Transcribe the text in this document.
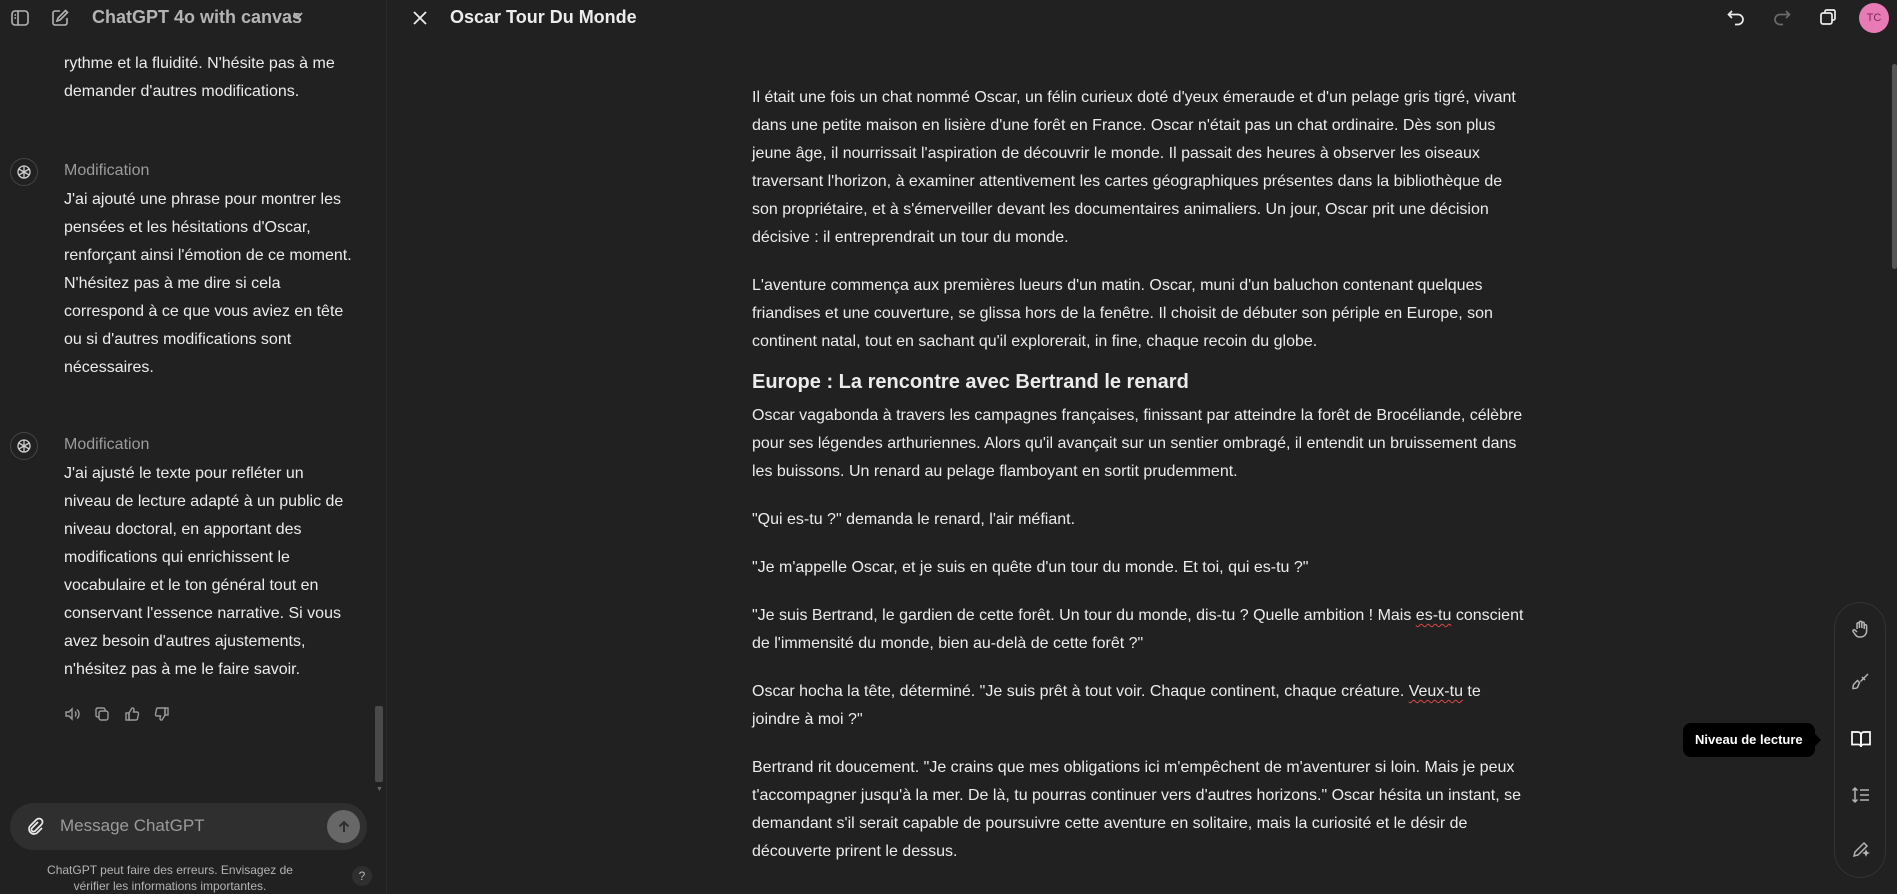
ChatGPT 4o with canvas
rythme et la fluidité. N'hésite pas à me demander d'autres modifications.
Modification
J'ai ajouté une phrase pour montrer les pensées et les hésitations d'Oscar, renforçant ainsi l'émotion de ce moment. N'hésitez pas à me dire si cela correspond à ce que vous aviez en tête ou si d'autres modifications sont nécessaires.
Modification
J'ai ajusté le texte pour refléter un niveau de lecture adapté à un public de niveau doctoral, en apportant des modifications qui enrichissent le vocabulaire et le ton général tout en conservant l'essence narrative. Si vous avez besoin d'autres ajustements, n'hésitez pas à me le faire savoir.
▼
Message ChatGPT
ChatGPT peut faire des erreurs. Envisagez de vérifier les informations importantes.
?
Oscar Tour Du Monde	TC

Il était une fois un chat nommé Oscar, un félin curieux doté d'yeux émeraude et d'un pelage gris tigré, vivant dans une petite maison en lisière d'une forêt en France. Oscar n'était pas un chat ordinaire. Dès son plus jeune âge, il nourrissait l'aspiration de découvrir le monde. Il passait des heures à observer les oiseaux traversant l'horizon, à examiner attentivement les cartes géographiques présentes dans la bibliothèque de son propriétaire, et à s'émerveiller devant les documentaires animaliers. Un jour, Oscar prit une décision décisive : il entreprendrait un tour du monde.

L'aventure commença aux premières lueurs d'un matin. Oscar, muni d'un baluchon contenant quelques friandises et une couverture, se glissa hors de la fenêtre. Il choisit de débuter son périple en Europe, son continent natal, tout en sachant qu'il explorerait, in fine, chaque recoin du globe.

Europe : La rencontre avec Bertrand le renard

Oscar vagabonda à travers les campagnes françaises, finissant par atteindre la forêt de Brocéliande, célèbre pour ses légendes arthuriennes. Alors qu'il avançait sur un sentier ombragé, il entendit un bruissement dans les buissons. Un renard au pelage flamboyant en sortit prudemment.

"Qui es-tu ?" demanda le renard, l'air méfiant.

"Je m'appelle Oscar, et je suis en quête d'un tour du monde. Et toi, qui es-tu ?"

"Je suis Bertrand, le gardien de cette forêt. Un tour du monde, dis-tu ? Quelle ambition ! Mais es-tu conscient de l'immensité du monde, bien au-delà de cette forêt ?"

Oscar hocha la tête, déterminé. "Je suis prêt à tout voir. Chaque continent, chaque créature. Veux-tu te joindre à moi ?"

Bertrand rit doucement. "Je crains que mes obligations ici m'empêchent de m'aventurer si loin. Mais je peux t'accompagner jusqu'à la mer. De là, tu pourras continuer vers d'autres horizons." Oscar hésita un instant, se demandant s'il serait capable de poursuivre cette aventure en solitaire, mais la curiosité et le désir de découverte prirent le dessus.

Niveau de lecture
